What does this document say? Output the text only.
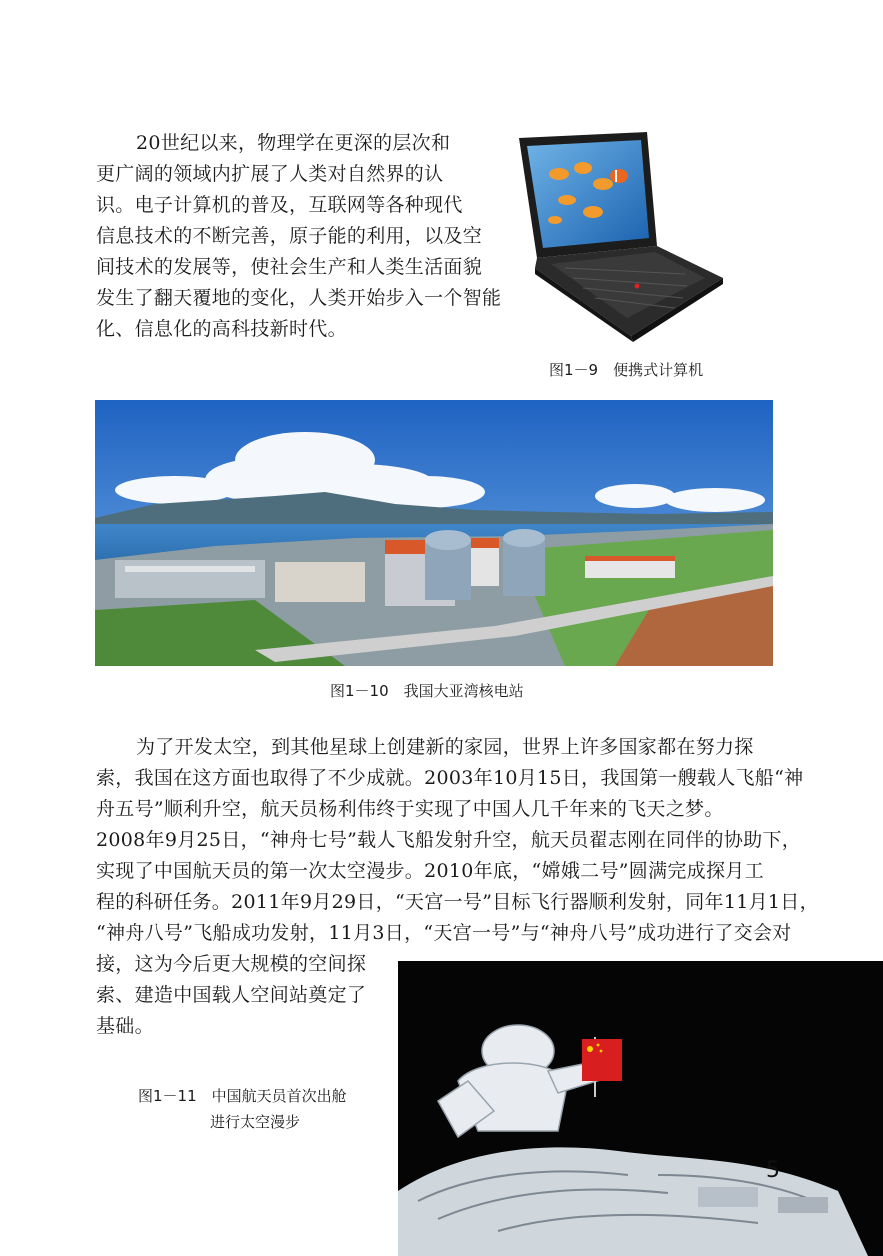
20世纪以来，物理学在更深的层次和
更广阔的领域内扩展了人类对自然界的认
识。电子计算机的普及，互联网等各种现代
信息技术的不断完善，原子能的利用，以及空
间技术的发展等，使社会生产和人类生活面貌
发生了翻天覆地的变化，人类开始步入一个智能
化、信息化的高科技新时代。
图1－9　便携式计算机
图1－10　我国大亚湾核电站
为了开发太空，到其他星球上创建新的家园，世界上许多国家都在努力探
索，我国在这方面也取得了不少成就。2003年10月15日，我国第一艘载人飞船“神
舟五号”顺利升空，航天员杨利伟终于实现了中国人几千年来的飞天之梦。
2008年9月25日，“神舟七号”载人飞船发射升空，航天员翟志刚在同伴的协助下，
实现了中国航天员的第一次太空漫步。2010年底，“嫦娥二号”圆满完成探月工
程的科研任务。2011年9月29日，“天宫一号”目标飞行器顺利发射，同年11月1日，
“神舟八号”飞船成功发射，11月3日，“天宫一号”与“神舟八号”成功进行了交会对
接，这为今后更大规模的空间探
索、建造中国载人空间站奠定了
基础。
图1－11　中国航天员首次出舱
进行太空漫步
5
